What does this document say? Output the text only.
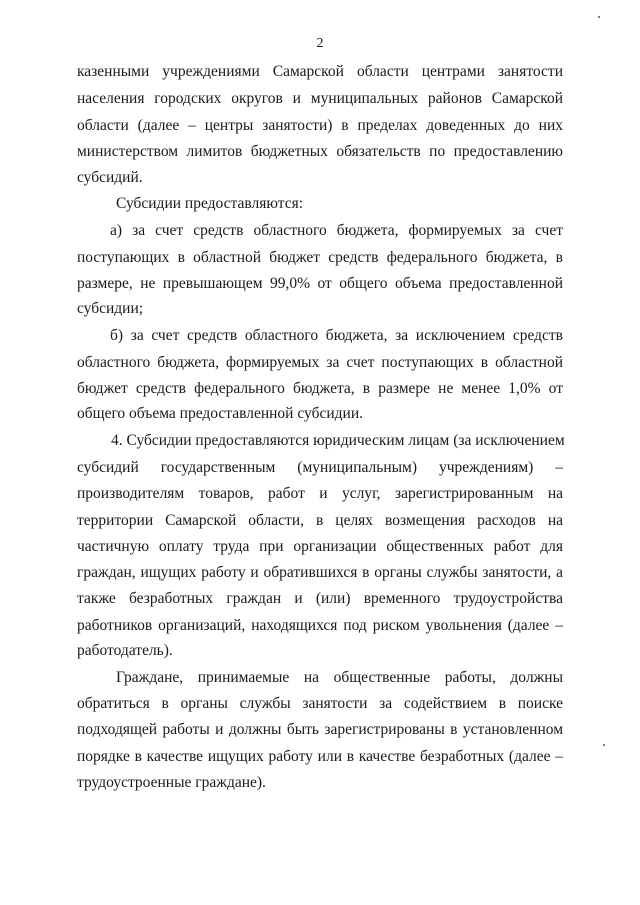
2
казенными учреждениями Самарской области центрами занятости
населения городских округов и муниципальных районов Самарской
области (далее – центры занятости) в пределах доведенных до них
министерством лимитов бюджетных обязательств по предоставлению
субсидий.
Субсидии предоставляются:
а) за счет средств областного бюджета, формируемых за счет
поступающих в областной бюджет средств федерального бюджета, в
размере, не превышающем 99,0% от общего объема предоставленной
субсидии;
б) за счет средств областного бюджета, за исключением средств
областного бюджета, формируемых за счет поступающих в областной
бюджет средств федерального бюджета, в размере не менее 1,0% от
общего объема предоставленной субсидии.
4. Субсидии предоставляются юридическим лицам (за исключением
субсидий государственным (муниципальным) учреждениям) –
производителям товаров, работ и услуг, зарегистрированным на
территории Самарской области, в целях возмещения расходов на
частичную оплату труда при организации общественных работ для
граждан, ищущих работу и обратившихся в органы службы занятости, а
также безработных граждан и (или) временного трудоустройства
работников организаций, находящихся под риском увольнения (далее –
работодатель).
Граждане, принимаемые на общественные работы, должны
обратиться в органы службы занятости за содействием в поиске
подходящей работы и должны быть зарегистрированы в установленном
порядке в качестве ищущих работу или в качестве безработных (далее –
трудоустроенные граждане).
